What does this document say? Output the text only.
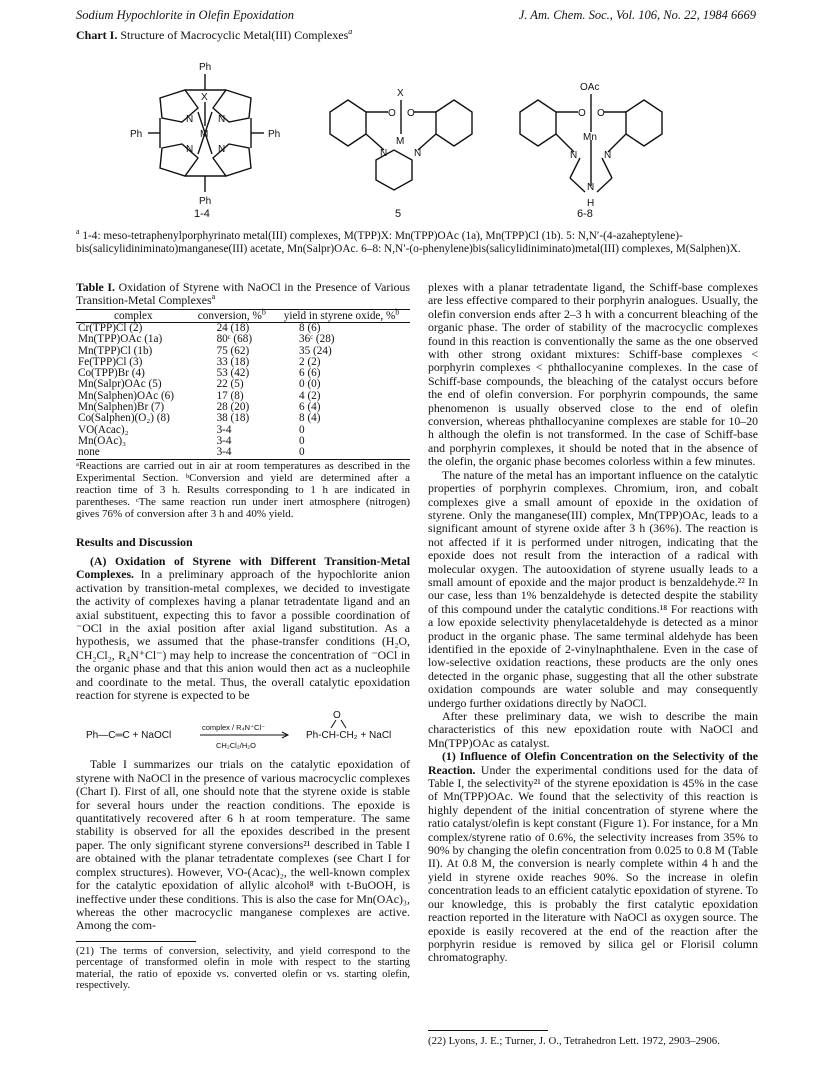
Sodium Hypochlorite in Olefin Epoxidation	J. Am. Chem. Soc., Vol. 106, No. 22, 1984 6669
Chart I. Structure of Macrocyclic Metal(III) Complexes$^a$
Ph
Ph
Ph	Ph
X
M
N N
N N
X
O O
M
N	N
OAc
O O
Mn
N	N
N
H
1-4	5	6-8
$^a$ 1-4: meso-tetraphenylporphyrinato metal(III) complexes, M(TPP)X: Mn(TPP)OAc (1a), Mn(TPP)Cl (1b). 5: N,N′-(4-azaheptylene)-bis(salicylidiniminato)manganese(III) acetate, Mn(Salpr)OAc. 6–8: N,N′-(o-phenylene)bis(salicylidiniminato)metal(III) complexes, M(Salphen)X.

Table I. Oxidation of Styrene with NaOCl in the Presence of Various Transition-Metal Complexes$^a$

complex	conversion, %$^b$	yield in styrene oxide, %$^b$

Cr(TPP)Cl (2)	24 (18)	8 (6)
Mn(TPP)OAc (1a)	80ᶜ (68)	36ᶜ (28)
Mn(TPP)Cl (1b)	75 (62)	35 (24)
Fe(TPP)Cl (3)	33 (18)	2 (2)
Co(TPP)Br (4)	53 (42)	6 (6)
Mn(Salpr)OAc (5)	22 (5)	0 (0)
Mn(Salphen)OAc (6)	17 (8)	4 (2)
Mn(Salphen)Br (7)	28 (20)	6 (4)
Co(Salphen)(O₂) (8)	38 (18)	8 (4)
VO(Acac)₂	3-4	0
Mn(OAc)₃	3-4	0
none	3-4	0

ᵃReactions are carried out in air at room temperatures as described in the Experimental Section. ᵇConversion and yield are determined after a reaction time of 3 h. Results corresponding to 1 h are indicated in parentheses. ᶜThe same reaction run under inert atmosphere (nitrogen) gives 76% of conversion after 3 h and 40% yield.

Results and Discussion

(A) Oxidation of Styrene with Different Transition-Metal Complexes. In a preliminary approach of the hypochlorite anion activation by transition-metal complexes, we decided to investigate the activity of complexes having a planar tetradentate ligand and an axial substituent, expecting this to favor a possible coordination of ⁻OCl in the axial position after axial ligand substitution. As a hypothesis, we assumed that the phase-transfer conditions (H₂O, CH₂Cl₂, R₄N⁺Cl⁻) may help to increase the concentration of ⁻OCl in the organic phase and that this anion would then act as a nucleophile and coordinate to the metal. Thus, the overall catalytic epoxidation reaction for styrene is expected to be

Ph—C═C + NaOCl
complex / R₄N⁺Cl⁻
CH₂Cl₂/H₂O
Ph-CH-CH₂ + NaCl
O

Table I summarizes our trials on the catalytic epoxidation of styrene with NaOCl in the presence of various macrocyclic complexes (Chart I). First of all, one should note that the styrene oxide is stable for several hours under the reaction conditions. The epoxide is quantitatively recovered after 6 h at room temperature. The same stability is observed for all the epoxides described in the present paper. The only significant styrene conversions²¹ described in Table I are obtained with the planar tetradentate complexes (see Chart I for complex structures). However, VO-(Acac)₂, the well-known complex for the catalytic epoxidation of allylic alcohol⁸ with t-BuOOH, is ineffective under these conditions. This is also the case for Mn(OAc)₃, whereas the other macrocyclic manganese complexes are active. Among the com-

(21) The terms of conversion, selectivity, and yield correspond to the percentage of transformed olefin in mole with respect to the starting material, the ratio of epoxide vs. converted olefin or vs. starting olefin, respectively.

plexes with a planar tetradentate ligand, the Schiff-base complexes are less effective compared to their porphyrin analogues. Usually, the olefin conversion ends after 2–3 h with a concurrent bleaching of the organic phase. The order of stability of the macrocyclic complexes found in this reaction is conventionally the same as the one observed with other strong oxidant mixtures: Schiff-base complexes < porphyrin complexes < phthallocyanine complexes. In the case of Schiff-base compounds, the bleaching of the catalyst occurs before the end of olefin conversion. For porphyrin compounds, the same phenomenon is usually observed close to the end of olefin conversion, whereas phthallocyanine complexes are stable for 10–20 h although the olefin is not transformed. In the case of Schiff-base and porphyrin complexes, it should be noted that in the absence of the olefin, the organic phase becomes colorless within a few minutes.

The nature of the metal has an important influence on the catalytic properties of porphyrin complexes. Chromium, iron, and cobalt complexes give a small amount of epoxide in the oxidation of styrene. Only the manganese(III) complex, Mn(TPP)OAc, leads to a significant amount of styrene oxide after 3 h (36%). The reaction is not affected if it is performed under nitrogen, indicating that the epoxide does not result from the interaction of a radical with molecular oxygen. The autooxidation of styrene usually leads to a small amount of epoxide and the major product is benzaldehyde.²² In our case, less than 1% benzaldehyde is detected despite the stability of this compound under the catalytic conditions.¹⁸ For reactions with a low epoxide selectivity phenylacetaldehyde is detected as a minor product in the organic phase. The same terminal aldehyde has been identified in the epoxide of 2-vinylnaphthalene. Even in the case of low-selective oxidation reactions, these products are the only ones detected in the organic phase, suggesting that all the other substrate oxidation compounds are water soluble and may consequently undergo further oxidations directly by NaOCl.

After these preliminary data, we wish to describe the main characteristics of this new epoxidation route with NaOCl and Mn(TPP)OAc as catalyst.

(1) Influence of Olefin Concentration on the Selectivity of the Reaction. Under the experimental conditions used for the data of Table I, the selectivity²¹ of the styrene epoxidation is 45% in the case of Mn(TPP)OAc. We found that the selectivity of this reaction is highly dependent of the initial concentration of styrene where the ratio catalyst/olefin is kept constant (Figure 1). For instance, for a Mn complex/styrene ratio of 0.6%, the selectivity increases from 35% to 90% by changing the olefin concentration from 0.025 to 0.8 M (Table II). At 0.8 M, the conversion is nearly complete within 4 h and the yield in styrene oxide reaches 90%. So the increase in olefin concentration leads to an efficient catalytic epoxidation of styrene. To our knowledge, this is probably the first catalytic epoxidation reaction reported in the literature with NaOCl as oxygen source. The epoxide is easily recovered at the end of the reaction after the porphyrin residue is removed by silica gel or Florisil column chromatography.

(22) Lyons, J. E.; Turner, J. O., Tetrahedron Lett. 1972, 2903–2906.
